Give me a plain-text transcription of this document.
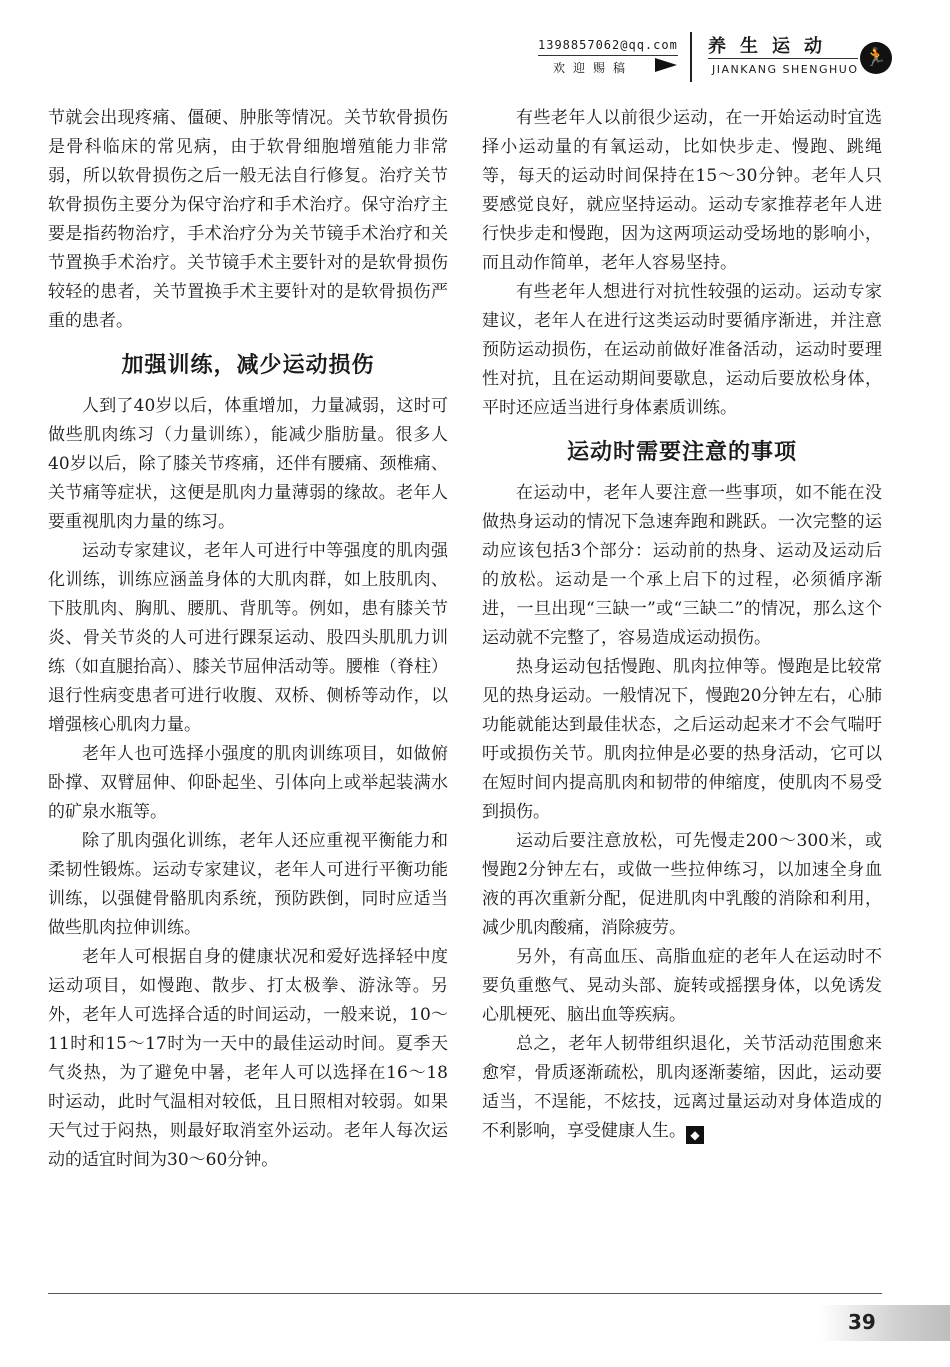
1398857062@qq.com
欢迎赐稿
养生运动
JIANKANG SHENGHUO
🏃

节就会出现疼痛、僵硬、肿胀等情况。关节软骨损伤是骨科临床的常见病，由于软骨细胞增殖能力非常弱，所以软骨损伤之后一般无法自行修复。治疗关节软骨损伤主要分为保守治疗和手术治疗。保守治疗主要是指药物治疗，手术治疗分为关节镜手术治疗和关节置换手术治疗。关节镜手术主要针对的是软骨损伤较轻的患者，关节置换手术主要针对的是软骨损伤严重的患者。

加强训练，减少运动损伤

人到了40岁以后，体重增加，力量减弱，这时可做些肌肉练习（力量训练），能减少脂肪量。很多人40岁以后，除了膝关节疼痛，还伴有腰痛、颈椎痛、关节痛等症状，这便是肌肉力量薄弱的缘故。老年人要重视肌肉力量的练习。

运动专家建议，老年人可进行中等强度的肌肉强化训练，训练应涵盖身体的大肌肉群，如上肢肌肉、下肢肌肉、胸肌、腰肌、背肌等。例如，患有膝关节炎、骨关节炎的人可进行踝泵运动、股四头肌肌力训练（如直腿抬高）、膝关节屈伸活动等。腰椎（脊柱）退行性病变患者可进行收腹、双桥、侧桥等动作，以增强核心肌肉力量。

老年人也可选择小强度的肌肉训练项目，如做俯卧撑、双臂屈伸、仰卧起坐、引体向上或举起装满水的矿泉水瓶等。

除了肌肉强化训练，老年人还应重视平衡能力和柔韧性锻炼。运动专家建议，老年人可进行平衡功能训练，以强健骨骼肌肉系统，预防跌倒，同时应适当做些肌肉拉伸训练。

老年人可根据自身的健康状况和爱好选择轻中度运动项目，如慢跑、散步、打太极拳、游泳等。另外，老年人可选择合适的时间运动，一般来说，10～11时和15～17时为一天中的最佳运动时间。夏季天气炎热，为了避免中暑，老年人可以选择在16～18时运动，此时气温相对较低，且日照相对较弱。如果天气过于闷热，则最好取消室外运动。老年人每次运动的适宜时间为30～60分钟。

有些老年人以前很少运动，在一开始运动时宜选择小运动量的有氧运动，比如快步走、慢跑、跳绳等，每天的运动时间保持在15～30分钟。老年人只要感觉良好，就应坚持运动。运动专家推荐老年人进行快步走和慢跑，因为这两项运动受场地的影响小，而且动作简单，老年人容易坚持。

有些老年人想进行对抗性较强的运动。运动专家建议，老年人在进行这类运动时要循序渐进，并注意预防运动损伤，在运动前做好准备活动，运动时要理性对抗，且在运动期间要歇息，运动后要放松身体，平时还应适当进行身体素质训练。

运动时需要注意的事项

在运动中，老年人要注意一些事项，如不能在没做热身运动的情况下急速奔跑和跳跃。一次完整的运动应该包括3个部分：运动前的热身、运动及运动后的放松。运动是一个承上启下的过程，必须循序渐进，一旦出现“三缺一”或“三缺二”的情况，那么这个运动就不完整了，容易造成运动损伤。

热身运动包括慢跑、肌肉拉伸等。慢跑是比较常见的热身运动。一般情况下，慢跑20分钟左右，心肺功能就能达到最佳状态，之后运动起来才不会气喘吁吁或损伤关节。肌肉拉伸是必要的热身活动，它可以在短时间内提高肌肉和韧带的伸缩度，使肌肉不易受到损伤。

运动后要注意放松，可先慢走200～300米，或慢跑2分钟左右，或做一些拉伸练习，以加速全身血液的再次重新分配，促进肌肉中乳酸的消除和利用，减少肌肉酸痛，消除疲劳。

另外，有高血压、高脂血症的老年人在运动时不要负重憋气、晃动头部、旋转或摇摆身体，以免诱发心肌梗死、脑出血等疾病。

总之，老年人韧带组织退化，关节活动范围愈来愈窄，骨质逐渐疏松，肌肉逐渐萎缩，因此，运动要适当，不逞能，不炫技，远离过量运动对身体造成的不利影响，享受健康人生。 ◆

39
